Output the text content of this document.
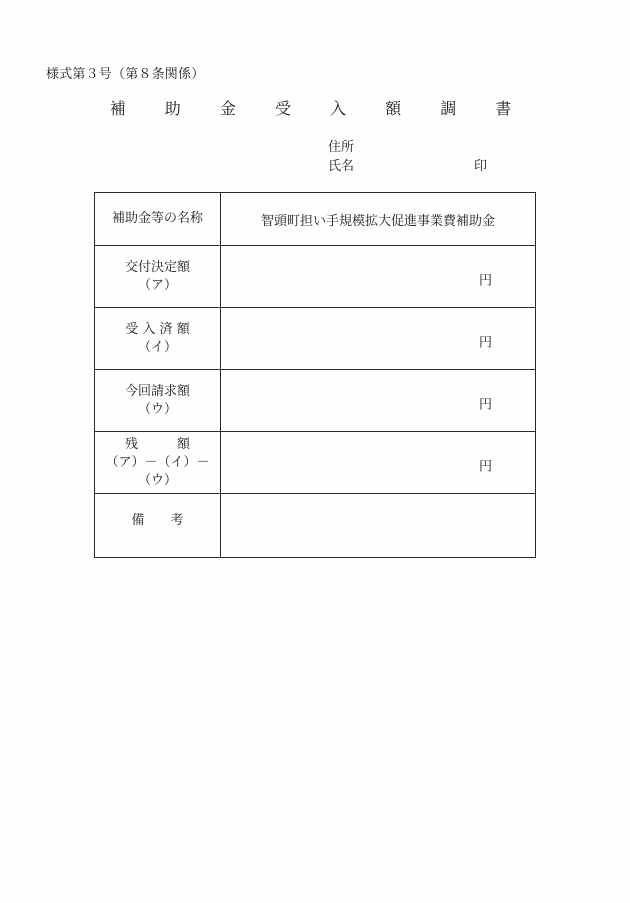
様式第３号（第８条関係）
補 助 金 受 入 額 調 書
住所
氏名	印
補助金等の名称	智頭町担い手規模拡大促進事業費補助金

交付決定額
（ア）	円

受 入 済 額
（イ）	円

今回請求額
（ウ）	円

残　　　額
（ア）－（イ）－（ウ）	円

備　　考	
